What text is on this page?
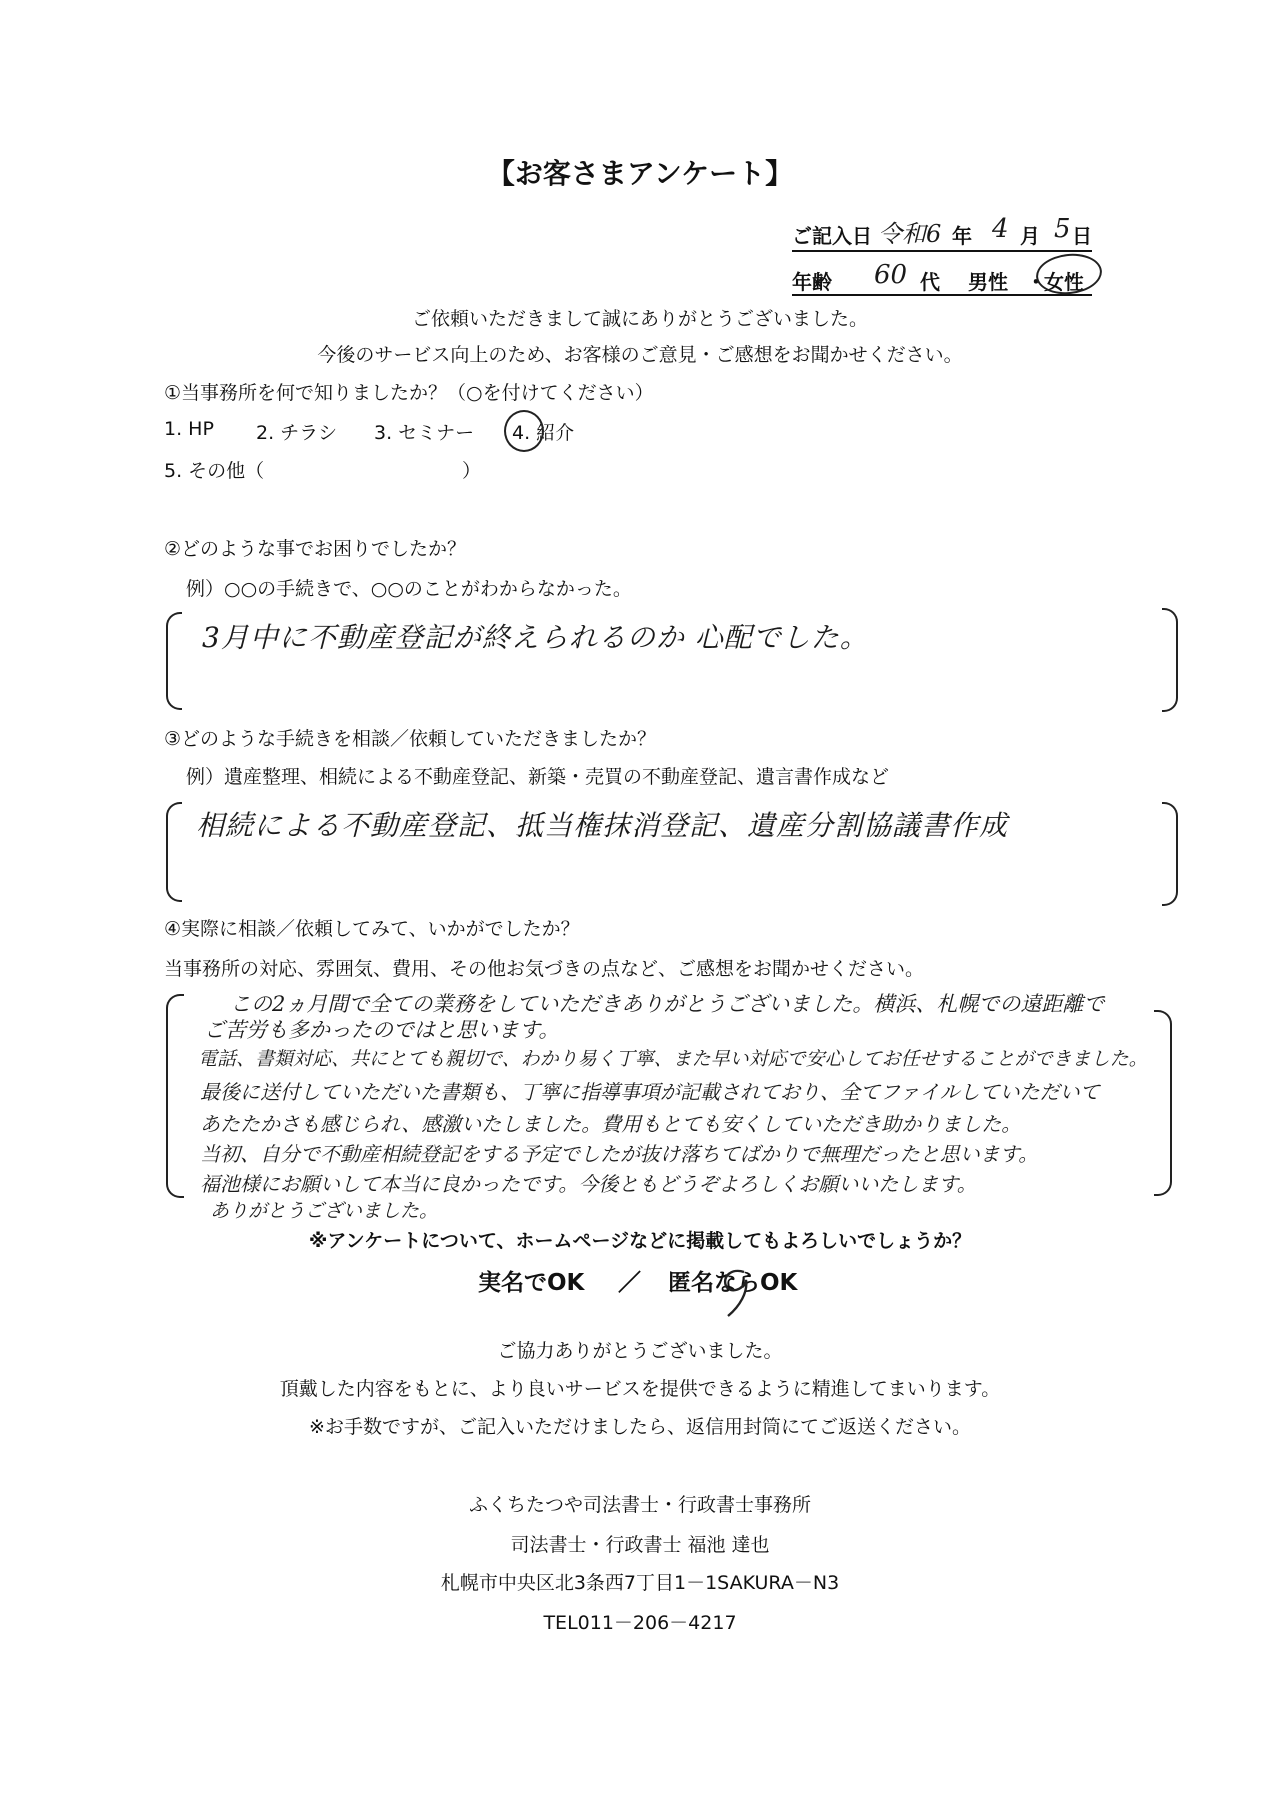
【お客さまアンケート】
ご記入日 令和6 年 4 月 5 日
年齢 60 代 男性 ・
女性
ご依頼いただきまして誠にありがとうございました。
今後のサービス向上のため、お客様のご意見・ご感想をお聞かせください。
①当事務所を何で知りましたか？（○を付けてください）
1. HP 2. チラシ 3. セミナー 4. 紹介
5. その他（	）
②どのような事でお困りでしたか？
例）○○の手続きで、○○のことがわからなかった。
3月中に不動産登記が終えられるのか 心配でした。
③どのような手続きを相談／依頼していただきましたか？
例）遺産整理、相続による不動産登記、新築・売買の不動産登記、遺言書作成など
相続による不動産登記、抵当権抹消登記、遺産分割協議書作成
④実際に相談／依頼してみて、いかがでしたか？
当事務所の対応、雰囲気、費用、その他お気づきの点など、ご感想をお聞かせください。
この2ヵ月間で全ての業務をしていただきありがとうございました。横浜、札幌での遠距離で
ご苦労も多かったのではと思います。
電話、書類対応、共にとても親切で、わかり易く丁寧、また早い対応で安心してお任せすることができました。
最後に送付していただいた書類も、丁寧に指導事項が記載されており、全てファイルしていただいて
あたたかさも感じられ、感激いたしました。費用もとても安くしていただき助かりました。
当初、自分で不動産相続登記をする予定でしたが抜け落ちてばかりで無理だったと思います。
福池様にお願いして本当に良かったです。今後ともどうぞよろしくお願いいたします。
ありがとうございました。
※アンケートについて、ホームページなどに掲載してもよろしいでしょうか？
実名でOK ／ 匿名ならOK
ご協力ありがとうございました。
頂戴した内容をもとに、より良いサービスを提供できるように精進してまいります。
※お手数ですが、ご記入いただけましたら、返信用封筒にてご返送ください。
ふくちたつや司法書士・行政書士事務所
司法書士・行政書士 福池 達也
札幌市中央区北3条西7丁目1－1SAKURA－N3
TEL011－206－4217
